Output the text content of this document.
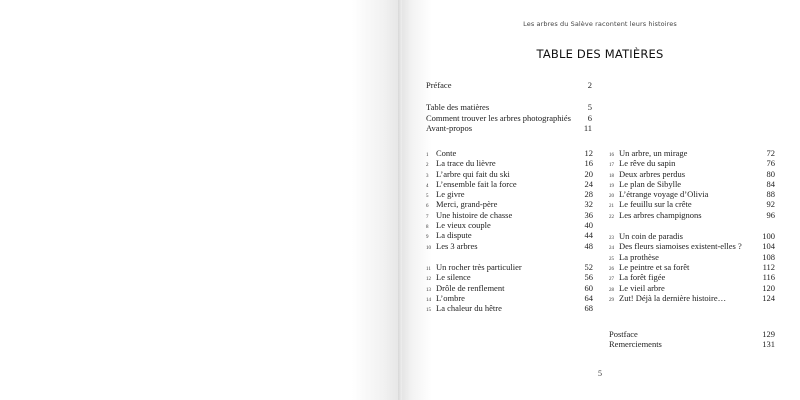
Les arbres du Salève racontent leurs histoires
TABLE DES MATIÈRES
Préface	2
Table des matières	5
Comment trouver les arbres photographiés	6
Avant-propos	11
1 Conte	12
2 La trace du lièvre	16
3 L’arbre qui fait du ski	20
4 L’ensemble fait la force	24
5 Le givre	28
6 Merci, grand-père	32
7 Une histoire de chasse	36
8 Le vieux couple	40
9 La dispute	44
10 Les 3 arbres	48
11 Un rocher très particulier	52
12 Le silence	56
13 Drôle de renflement	60
14 L’ombre	64
15 La chaleur du hêtre	68
16 Un arbre, un mirage	72
17 Le rêve du sapin	76
18 Deux arbres perdus	80
19 Le plan de Sibylle	84
20 L’étrange voyage d’Olivia	88
21 Le feuillu sur la crête	92
22 Les arbres champignons	96
23 Un coin de paradis	100
24 Des fleurs siamoises existent-elles ?	104
25 La prothèse	108
26 Le peintre et sa forêt	112
27 La forêt figée	116
28 Le vieil arbre	120
29 Zut! Déjà la dernière histoire…	124
Postface	129
Remerciements	131
5
